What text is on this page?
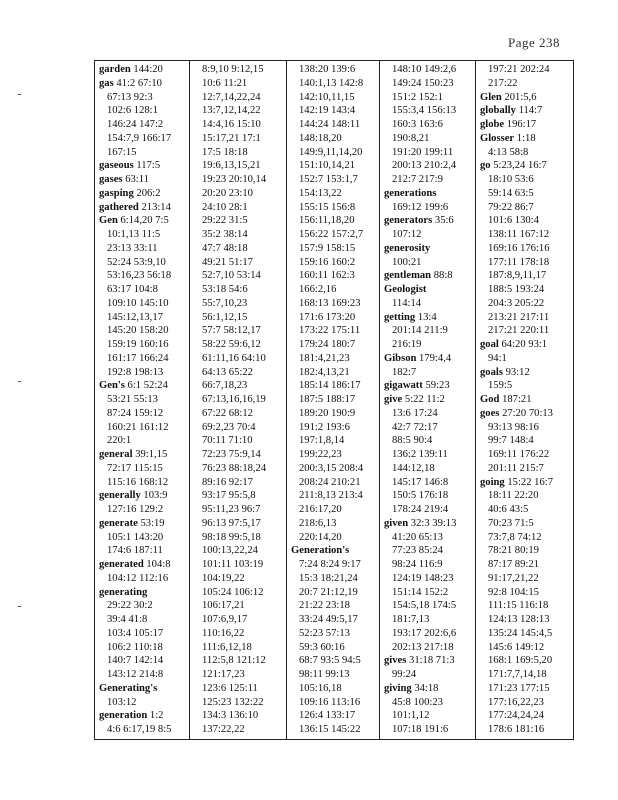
Page 238
garden 144:20
gas 41:2 67:10
67:13 92:3
102:6 128:1
146:24 147:2
154:7,9 166:17
167:15
gaseous 117:5
gases 63:11
gasping 206:2
gathered 213:14
Gen 6:14,20 7:5
10:1,13 11:5
23:13 33:11
52:24 53:9,10
53:16,23 56:18
63:17 104:8
109:10 145:10
145:12,13,17
145:20 158:20
159:19 160:16
161:17 166:24
192:8 198:13
Gen's 6:1 52:24
53:21 55:13
87:24 159:12
160:21 161:12
220:1
general 39:1,15
72:17 115:15
115:16 168:12
generally 103:9
127:16 129:2
generate 53:19
105:1 143:20
174:6 187:11
generated 104:8
104:12 112:16
generating
29:22 30:2
39:4 41:8
103:4 105:17
106:2 110:18
140:7 142:14
143:12 214:8
Generating's
103:12
generation 1:2
4:6 6:17,19 8:5
8:9,10 9:12,15
10:6 11:21
12:7,14,22,24
13:7,12,14,22
14:4,16 15:10
15:17,21 17:1
17:5 18:18
19:6,13,15,21
19:23 20:10,14
20:20 23:10
24:10 28:1
29:22 31:5
35:2 38:14
47:7 48:18
49:21 51:17
52:7,10 53:14
53:18 54:6
55:7,10,23
56:1,12,15
57:7 58:12,17
58:22 59:6,12
61:11,16 64:10
64:13 65:22
66:7,18,23
67:13,16,16,19
67:22 68:12
69:2,23 70:4
70:11 71:10
72:23 75:9,14
76:23 88:18,24
89:16 92:17
93:17 95:5,8
95:11,23 96:7
96:13 97:5,17
98:18 99:5,18
100:13,22,24
101:11 103:19
104:19,22
105:24 106:12
106:17,21
107:6,9,17
110:16,22
111:6,12,18
112:5,8 121:12
121:17,23
123:6 125:11
125:23 132:22
134:3 136:10
137:22,22
138:20 139:6
140:1,13 142:8
142:10,11,15
142:19 143:4
144:24 148:11
148:18,20
149:9,11,14,20
151:10,14,21
152:7 153:1,7
154:13,22
155:15 156:8
156:11,18,20
156:22 157:2,7
157:9 158:15
159:16 160:2
160:11 162:3
166:2,16
168:13 169:23
171:6 173:20
173:22 175:11
179:24 180:7
181:4,21,23
182:4,13,21
185:14 186:17
187:5 188:17
189:20 190:9
191:2 193:6
197:1,8,14
199:22,23
200:3,15 208:4
208:24 210:21
211:8,13 213:4
216:17,20
218:6,13
220:14,20
Generation's
7:24 8:24 9:17
15:3 18:21,24
20:7 21:12,19
21:22 23:18
33:24 49:5,17
52:23 57:13
59:3 60:16
68:7 93:5 94:5
98:11 99:13
105:16,18
109:16 113:16
126:4 133:17
136:15 145:22
148:10 149:2,6
149:24 150:23
151:2 152:1
155:3,4 156:13
160:3 163:6
190:8,21
191:20 199:11
200:13 210:2,4
212:7 217:9
generations
169:12 199:6
generators 35:6
107:12
generosity
100:21
gentleman 88:8
Geologist
114:14
getting 13:4
201:14 211:9
216:19
Gibson 179:4,4
182:7
gigawatt 59:23
give 5:22 11:2
13:6 17:24
42:7 72:17
88:5 90:4
136:2 139:11
144:12,18
145:17 146:8
150:5 176:18
178:24 219:4
given 32:3 39:13
41:20 65:13
77:23 85:24
98:24 116:9
124:19 148:23
151:14 152:2
154:5,18 174:5
181:7,13
193:17 202:6,6
202:13 217:18
gives 31:18 71:3
99:24
giving 34:18
45:8 100:23
101:1,12
107:18 191:6
197:21 202:24
217:22
Glen 201:5,6
globally 114:7
globe 196:17
Glosser 1:18
4:13 58:8
go 5:23,24 16:7
18:10 53:6
59:14 63:5
79:22 86:7
101:6 130:4
138:11 167:12
169:16 176:16
177:11 178:18
187:8,9,11,17
188:5 193:24
204:3 205:22
213:21 217:11
217:21 220:11
goal 64:20 93:1
94:1
goals 93:12
159:5
God 187:21
goes 27:20 70:13
93:13 98:16
99:7 148:4
169:11 176:22
201:11 215:7
going 15:22 16:7
18:11 22:20
40:6 43:5
70:23 71:5
73:7,8 74:12
78:21 80:19
87:17 89:21
91:17,21,22
92:8 104:15
111:15 116:18
124:13 128:13
135:24 145:4,5
145:6 149:12
168:1 169:5,20
171:7,7,14,18
171:23 177:15
177:16,22,23
177:24,24,24
178:6 181:16
